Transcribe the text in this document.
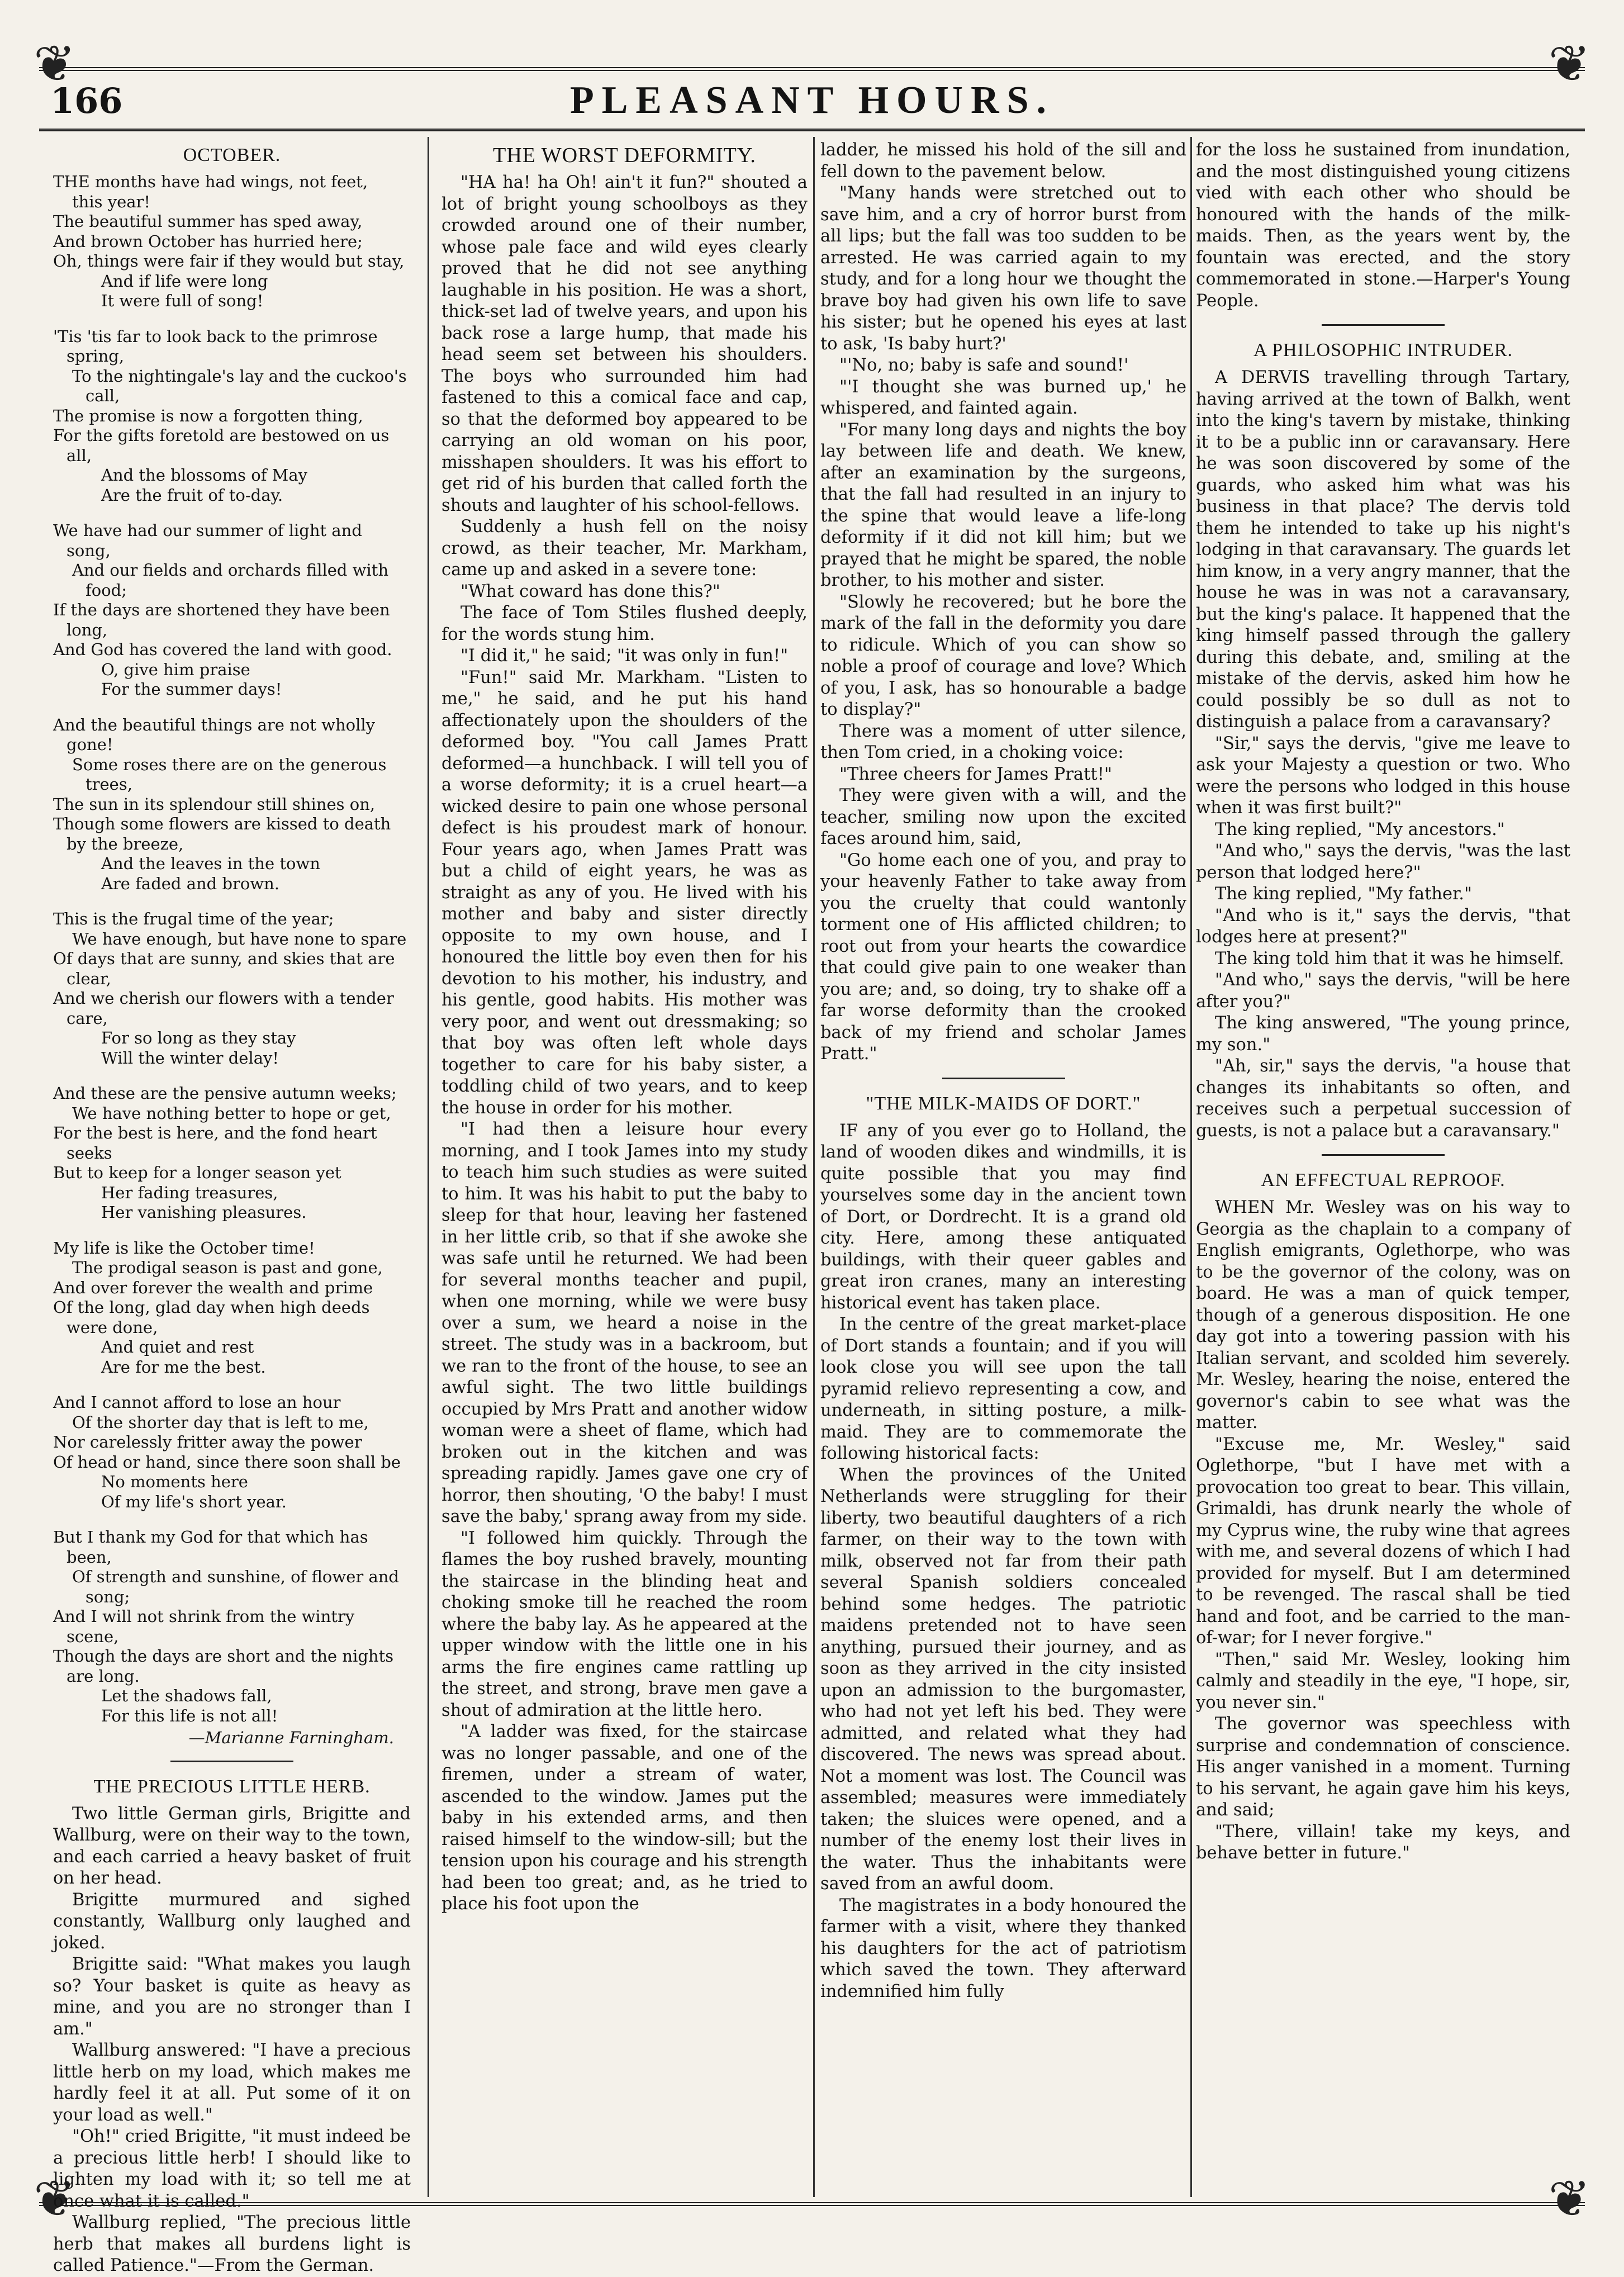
❦	❦
❦	❦
166	PLEASANT HOURS.
OCTOBER.
THE months have had wings, not feet,
this year!
The beautiful summer has sped away,
And brown October has hurried here;
Oh, things were fair if they would but stay,
And if life were long
It were full of song!
'Tis 'tis far to look back to the primrose spring,
To the nightingale's lay and the cuckoo's call,
The promise is now a forgotten thing,
For the gifts foretold are bestowed on us all,
And the blossoms of May
Are the fruit of to-day.
We have had our summer of light and song,
And our fields and orchards filled with food;
If the days are shortened they have been long,
And God has covered the land with good.
O, give him praise
For the summer days!
And the beautiful things are not wholly gone!
Some roses there are on the generous trees,
The sun in its splendour still shines on,
Though some flowers are kissed to death by the breeze,
And the leaves in the town
Are faded and brown.
This is the frugal time of the year;
We have enough, but have none to spare
Of days that are sunny, and skies that are clear,
And we cherish our flowers with a tender care,
For so long as they stay
Will the winter delay!
And these are the pensive autumn weeks;
We have nothing better to hope or get,
For the best is here, and the fond heart seeks
But to keep for a longer season yet
Her fading treasures,
Her vanishing pleasures.
My life is like the October time!
The prodigal season is past and gone,
And over forever the wealth and prime
Of the long, glad day when high deeds were done,
And quiet and rest
Are for me the best.
And I cannot afford to lose an hour
Of the shorter day that is left to me,
Nor carelessly fritter away the power
Of head or hand, since there soon shall be
No moments here
Of my life's short year.
But I thank my God for that which has been,
Of strength and sunshine, of flower and song;
And I will not shrink from the wintry scene,
Though the days are short and the nights are long.
Let the shadows fall,
For this life is not all!
—Marianne Farningham.
THE PRECIOUS LITTLE HERB.

Two little German girls, Brigitte and Wallburg, were on their way to the town, and each carried a heavy basket of fruit on her head.

Brigitte murmured and sighed constantly, Wallburg only laughed and joked.

Brigitte said: "What makes you laugh so? Your basket is quite as heavy as mine, and you are no stronger than I am."

Wallburg answered: "I have a precious little herb on my load, which makes me hardly feel it at all. Put some of it on your load as well."

"Oh!" cried Brigitte, "it must indeed be a precious little herb! I should like to lighten my load with it; so tell me at once what it is called."

Wallburg replied, "The precious little herb that makes all burdens light is called Patience."—From the German.

THE WORST DEFORMITY.

"HA ha! ha Oh! ain't it fun?" shouted a lot of bright young schoolboys as they crowded around one of their number, whose pale face and wild eyes clearly proved that he did not see anything laughable in his position. He was a short, thick-set lad of twelve years, and upon his back rose a large hump, that made his head seem set between his shoulders. The boys who surrounded him had fastened to this a comical face and cap, so that the deformed boy appeared to be carrying an old woman on his poor, misshapen shoulders. It was his effort to get rid of his burden that called forth the shouts and laughter of his school-fellows.

Suddenly a hush fell on the noisy crowd, as their teacher, Mr. Markham, came up and asked in a severe tone:

"What coward has done this?"

The face of Tom Stiles flushed deeply, for the words stung him.

"I did it," he said; "it was only in fun!"

"Fun!" said Mr. Markham. "Listen to me," he said, and he put his hand affectionately upon the shoulders of the deformed boy. "You call James Pratt deformed—a hunchback. I will tell you of a worse deformity; it is a cruel heart—a wicked desire to pain one whose personal defect is his proudest mark of honour. Four years ago, when James Pratt was but a child of eight years, he was as straight as any of you. He lived with his mother and baby and sister directly opposite to my own house, and I honoured the little boy even then for his devotion to his mother, his industry, and his gentle, good habits. His mother was very poor, and went out dressmaking; so that boy was often left whole days together to care for his baby sister, a toddling child of two years, and to keep the house in order for his mother.

"I had then a leisure hour every morning, and I took James into my study to teach him such studies as were suited to him. It was his habit to put the baby to sleep for that hour, leaving her fastened in her little crib, so that if she awoke she was safe until he returned. We had been for several months teacher and pupil, when one morning, while we were busy over a sum, we heard a noise in the street. The study was in a backroom, but we ran to the front of the house, to see an awful sight. The two little buildings occupied by Mrs Pratt and another widow woman were a sheet of flame, which had broken out in the kitchen and was spreading rapidly. James gave one cry of horror, then shouting, 'O the baby! I must save the baby,' sprang away from my side.

"I followed him quickly. Through the flames the boy rushed bravely, mounting the staircase in the blinding heat and choking smoke till he reached the room where the baby lay. As he appeared at the upper window with the little one in his arms the fire engines came rattling up the street, and strong, brave men gave a shout of admiration at the little hero.

"A ladder was fixed, for the staircase was no longer passable, and one of the firemen, under a stream of water, ascended to the window. James put the baby in his extended arms, and then raised himself to the window-sill; but the tension upon his courage and his strength had been too great; and, as he tried to place his foot upon the

ladder, he missed his hold of the sill and fell down to the pavement below.

"Many hands were stretched out to save him, and a cry of horror burst from all lips; but the fall was too sudden to be arrested. He was carried again to my study, and for a long hour we thought the brave boy had given his own life to save his sister; but he opened his eyes at last to ask, 'Is baby hurt?'

"'No, no; baby is safe and sound!'

"'I thought she was burned up,' he whispered, and fainted again.

"For many long days and nights the boy lay between life and death. We knew, after an examination by the surgeons, that the fall had resulted in an injury to the spine that would leave a life-long deformity if it did not kill him; but we prayed that he might be spared, the noble brother, to his mother and sister.

"Slowly he recovered; but he bore the mark of the fall in the deformity you dare to ridicule. Which of you can show so noble a proof of courage and love? Which of you, I ask, has so honourable a badge to display?"

There was a moment of utter silence, then Tom cried, in a choking voice:

"Three cheers for James Pratt!"

They were given with a will, and the teacher, smiling now upon the excited faces around him, said,

"Go home each one of you, and pray to your heavenly Father to take away from you the cruelty that could wantonly torment one of His afflicted children; to root out from your hearts the cowardice that could give pain to one weaker than you are; and, so doing, try to shake off a far worse deformity than the crooked back of my friend and scholar James Pratt."

"THE MILK-MAIDS OF DORT."

IF any of you ever go to Holland, the land of wooden dikes and windmills, it is quite possible that you may find yourselves some day in the ancient town of Dort, or Dordrecht. It is a grand old city. Here, among these antiquated buildings, with their queer gables and great iron cranes, many an interesting historical event has taken place.

In the centre of the great market-place of Dort stands a fountain; and if you will look close you will see upon the tall pyramid relievo representing a cow, and underneath, in sitting posture, a milk-maid. They are to commemorate the following historical facts:

When the provinces of the United Netherlands were struggling for their liberty, two beautiful daughters of a rich farmer, on their way to the town with milk, observed not far from their path several Spanish soldiers concealed behind some hedges. The patriotic maidens pretended not to have seen anything, pursued their journey, and as soon as they arrived in the city insisted upon an admission to the burgomaster, who had not yet left his bed. They were admitted, and related what they had discovered. The news was spread about. Not a moment was lost. The Council was assembled; measures were immediately taken; the sluices were opened, and a number of the enemy lost their lives in the water. Thus the inhabitants were saved from an awful doom.

The magistrates in a body honoured the farmer with a visit, where they thanked his daughters for the act of patriotism which saved the town. They afterward indemnified him fully

for the loss he sustained from inundation, and the most distinguished young citizens vied with each other who should be honoured with the hands of the milk-maids. Then, as the years went by, the fountain was erected, and the story commemorated in stone.—Harper's Young People.

A PHILOSOPHIC INTRUDER.

A DERVIS travelling through Tartary, having arrived at the town of Balkh, went into the king's tavern by mistake, thinking it to be a public inn or caravansary. Here he was soon discovered by some of the guards, who asked him what was his business in that place? The dervis told them he intended to take up his night's lodging in that caravansary. The guards let him know, in a very angry manner, that the house he was in was not a caravansary, but the king's palace. It happened that the king himself passed through the gallery during this debate, and, smiling at the mistake of the dervis, asked him how he could possibly be so dull as not to distinguish a palace from a caravansary?

"Sir," says the dervis, "give me leave to ask your Majesty a question or two. Who were the persons who lodged in this house when it was first built?"

The king replied, "My ancestors."

"And who," says the dervis, "was the last person that lodged here?"

The king replied, "My father."

"And who is it," says the dervis, "that lodges here at present?"

The king told him that it was he himself.

"And who," says the dervis, "will be here after you?"

The king answered, "The young prince, my son."

"Ah, sir," says the dervis, "a house that changes its inhabitants so often, and receives such a perpetual succession of guests, is not a palace but a caravansary."

AN EFFECTUAL REPROOF.

WHEN Mr. Wesley was on his way to Georgia as the chaplain to a company of English emigrants, Oglethorpe, who was to be the governor of the colony, was on board. He was a man of quick temper, though of a generous disposition. He one day got into a towering passion with his Italian servant, and scolded him severely. Mr. Wesley, hearing the noise, entered the governor's cabin to see what was the matter.

"Excuse me, Mr. Wesley," said Oglethorpe, "but I have met with a provocation too great to bear. This villain, Grimaldi, has drunk nearly the whole of my Cyprus wine, the ruby wine that agrees with me, and several dozens of which I had provided for myself. But I am determined to be revenged. The rascal shall be tied hand and foot, and be carried to the man-of-war; for I never forgive."

"Then," said Mr. Wesley, looking him calmly and steadily in the eye, "I hope, sir, you never sin."

The governor was speechless with surprise and condemnation of conscience. His anger vanished in a moment. Turning to his servant, he again gave him his keys, and said;

"There, villain! take my keys, and behave better in future."
